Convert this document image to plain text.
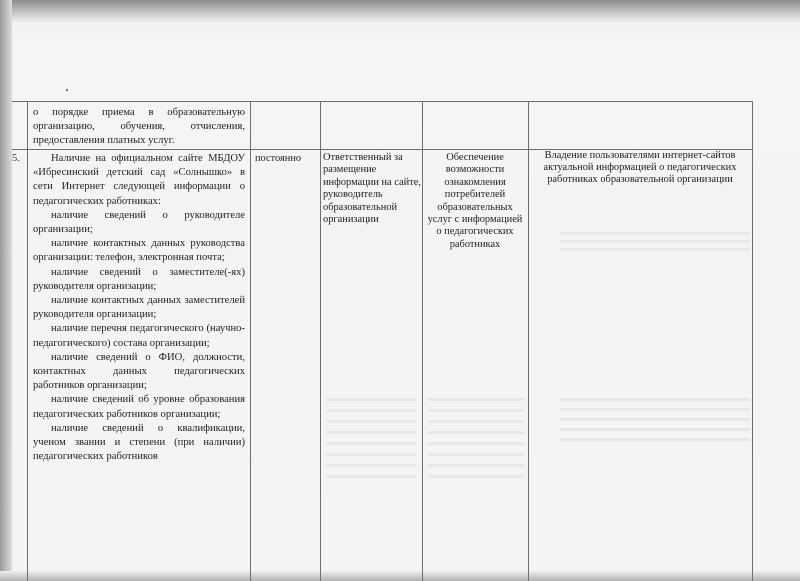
о порядке приема в образовательную организацию, обучения, отчисления, предоставления платных услуг.
5.	Наличие на официальном сайте МБДОУ «Ибресинский детский сад «Солнышко» в сети Интернет следующей информации о педагогических работниках:

наличие сведений о руководителе организации;

наличие контактных данных руководства организации: телефон, электронная почта;

наличие сведений о заместителе(-ях) руководителя организации;

наличие контактных данных заместителей руководителя организации;

наличие перечня педагогического (научно-педагогического) состава организации;

наличие сведений о ФИО, должности, контактных данных педагогических работников организации;

наличие сведений об уровне образования педагогических работников организации;

наличие сведений о квалификации, ученом звании и степени (при наличии) педагогических работников

постоянно	Ответственный за размещение информации на сайте, руководитель образовательной организации
Обеспечение возможности ознакомления потребителей образовательных услуг с информацией о педагогических работниках
Владение пользователями интернет-сайтов актуальной информацией о педагогических работниках образовательной организации
